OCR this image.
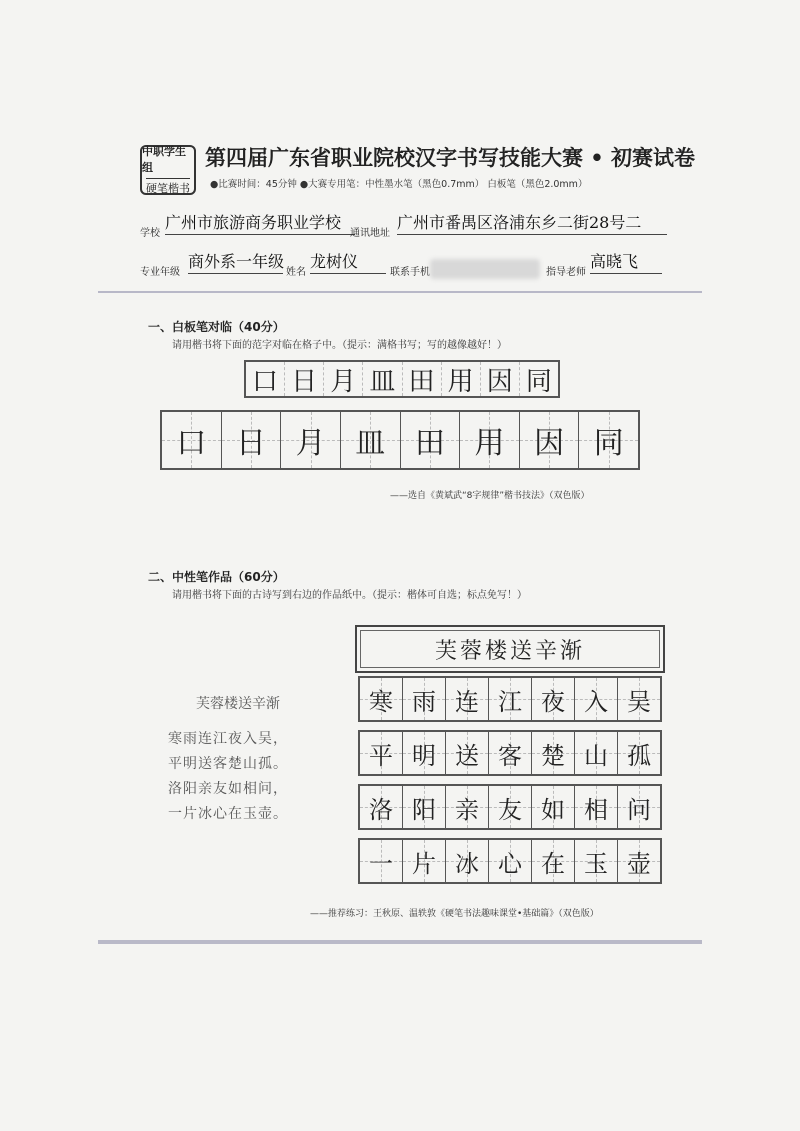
中职学生组
硬笔楷书
第四届广东省职业院校汉字书写技能大赛 • 初赛试卷
●比赛时间：45分钟 ●大赛专用笔：中性墨水笔（黑色0.7mm） 白板笔（黑色2.0mm）
学校
广州市旅游商务职业学校
通讯地址
广州市番禺区洛浦东乡二街28号二
专业年级
商外系一年级
姓名
龙树仪
联系手机	指导老师
高晓飞
一、白板笔对临（40分）
请用楷书将下面的范字对临在格子中。（提示：满格书写；写的越像越好！）
口 日 月 皿 田 用 因 同
口 日 月 皿 田 用 因 同
——选自《黄斌武“8字规律”楷书技法》（双色版）
二、中性笔作品（60分）
请用楷书将下面的古诗写到右边的作品纸中。（提示：楷体可自选；标点免写！）
芙蓉楼送辛渐
寒雨连江夜入吴，
平明送客楚山孤。
洛阳亲友如相问，
一片冰心在玉壶。
芙蓉楼送辛渐
寒 雨 连 江 夜 入 吴
平 明 送 客 楚 山 孤
洛 阳 亲 友 如 相 问
一 片 冰 心 在 玉 壶
——推荐练习：王秋原、温轶敦《硬笔书法趣味课堂•基础篇》（双色版）
